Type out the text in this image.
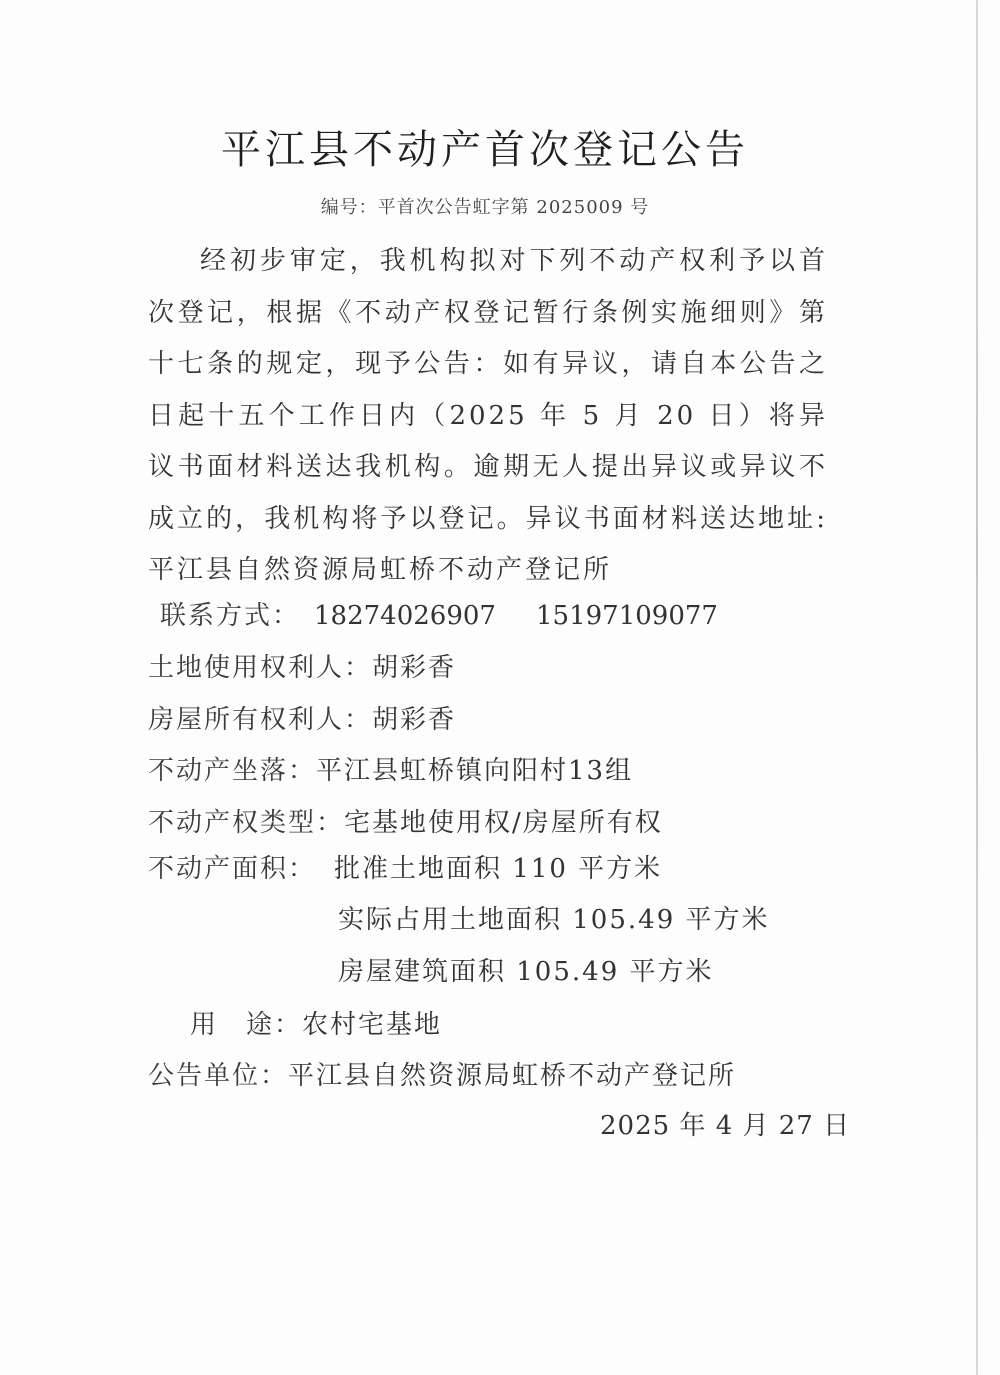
平江县不动产首次登记公告
编号：平首次公告虹字第 2025009 号
经初步审定，我机构拟对下列不动产权利予以首次登记，根据《不动产权登记暂行条例实施细则》第十七条的规定，现予公告：如有异议，请自本公告之日起十五个工作日内（2025 年 5 月 20 日）将异议书面材料送达我机构。逾期无人提出异议或异议不成立的，我机构将予以登记。异议书面材料送达地址:平江县自然资源局虹桥不动产登记所
联系方式： 18274026907 15197109077
土地使用权利人：胡彩香
房屋所有权利人：胡彩香
不动产坐落：平江县虹桥镇向阳村13组
不动产权类型：宅基地使用权/房屋所有权
不动产面积： 批准土地面积 110 平方米
实际占用土地面积 105.49 平方米
房屋建筑面积 105.49 平方米
用　途：农村宅基地
公告单位：平江县自然资源局虹桥不动产登记所
2025 年 4 月 27 日
